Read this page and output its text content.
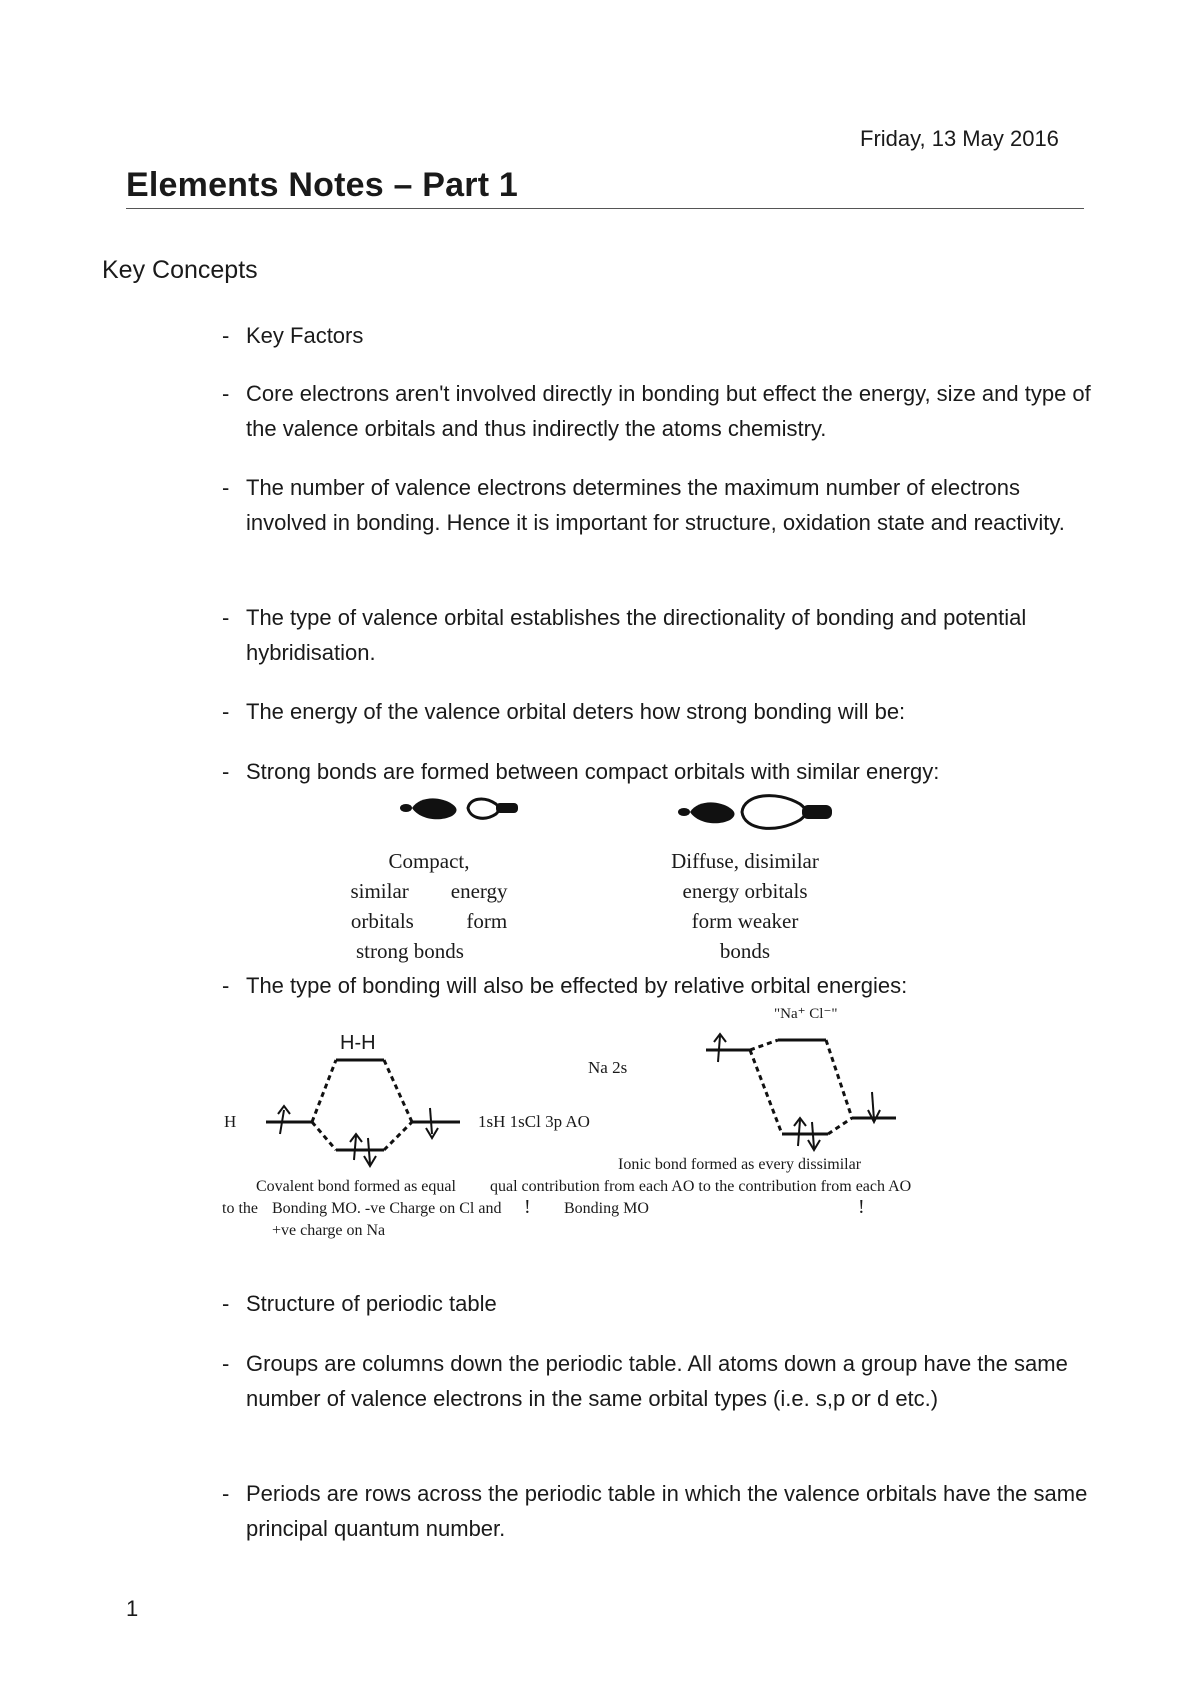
Friday, 13 May 2016
Elements Notes – Part 1
Key Concepts
- Key Factors
- Core electrons aren't involved directly in bonding but effect the energy, size and type of the valence orbitals and thus indirectly the atoms chemistry.
- The number of valence electrons determines the maximum number of electrons involved in bonding. Hence it is important for structure, oxidation state and reactivity.
- The type of valence orbital establishes the directionality of bonding and potential hybridisation.
- The energy of the valence orbital deters how strong bonding will be:
- Strong bonds are formed between compact orbitals with similar energy:
Compact,
similar        energy
orbitals          form
strong bonds
Diffuse, disimilar
energy orbitals
form weaker
bonds
- The type of bonding will also be effected by relative orbital energies:
H-H
H	1sH 1sCl 3p AO
Na 2s
"Na⁺ Cl⁻"
Ionic bond formed as every dissimilar
Covalent bond formed as equal qual contribution from each AO to the contribution from each AO
to the Bonding MO. -ve Charge on Cl and ! Bonding MO	!
+ve charge on Na
- Structure of periodic table
- Groups are columns down the periodic table. All atoms down a group have the same number of valence electrons in the same orbital types (i.e. s,p or d etc.)
- Periods are rows across the periodic table in which the valence orbitals have the same principal quantum number.
1
